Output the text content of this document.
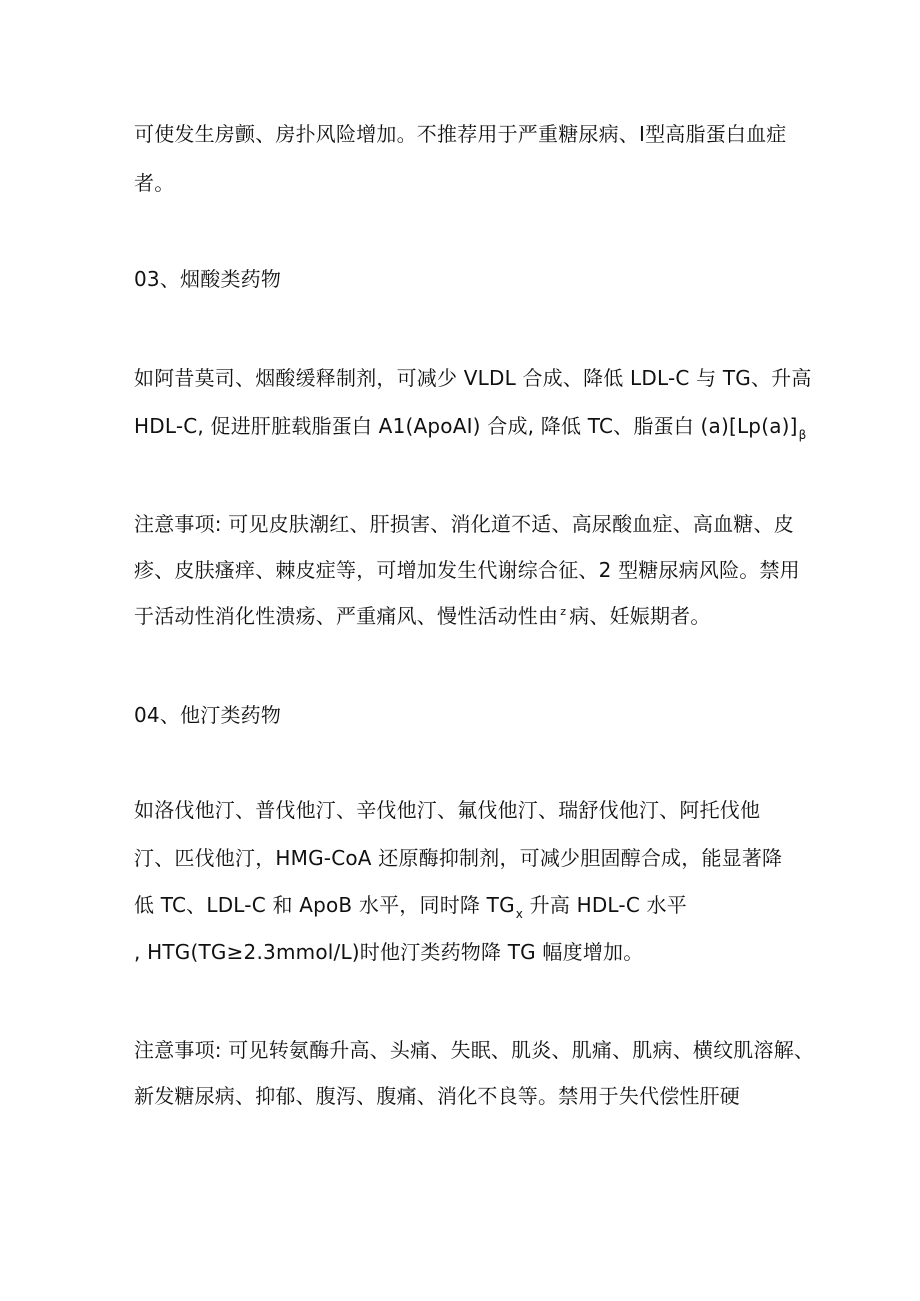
可使发生房颤、房扑风险增加。不推荐用于严重糖尿病、I型高脂蛋白血症
者。
03、烟酸类药物
如阿昔莫司、烟酸缓释制剂，可减少 VLDL 合成、降低 LDL-C 与 TG、升高
HDL-C, 促进肝脏载脂蛋白 A1(ApoAI) 合成, 降低 TC、脂蛋白 $(a)[Lp(a)]_\beta$
注意事项: 可见皮肤潮红、肝损害、消化道不适、高尿酸血症、高血糖、皮
疹、皮肤瘙痒、棘皮症等，可增加发生代谢综合征、2 型糖尿病风险。禁用
于活动性消化性溃疡、严重痛风、慢性活动性由 $^z$ 病、妊娠期者。
04、他汀类药物
如洛伐他汀、普伐他汀、辛伐他汀、氟伐他汀、瑞舒伐他汀、阿托伐他
汀、匹伐他汀，HMG-CoA 还原酶抑制剂，可减少胆固醇合成，能显著降
低 TC、LDL-C 和 ApoB 水平，同时降 $TG_x$ 升高 HDL-C 水平
, HTG(TG≥2.3mmol/L)时他汀类药物降 TG 幅度增加。
注意事项: 可见转氨酶升高、头痛、失眠、肌炎、肌痛、肌病、横纹肌溶解、
新发糖尿病、抑郁、腹泻、腹痛、消化不良等。禁用于失代偿性肝硬
